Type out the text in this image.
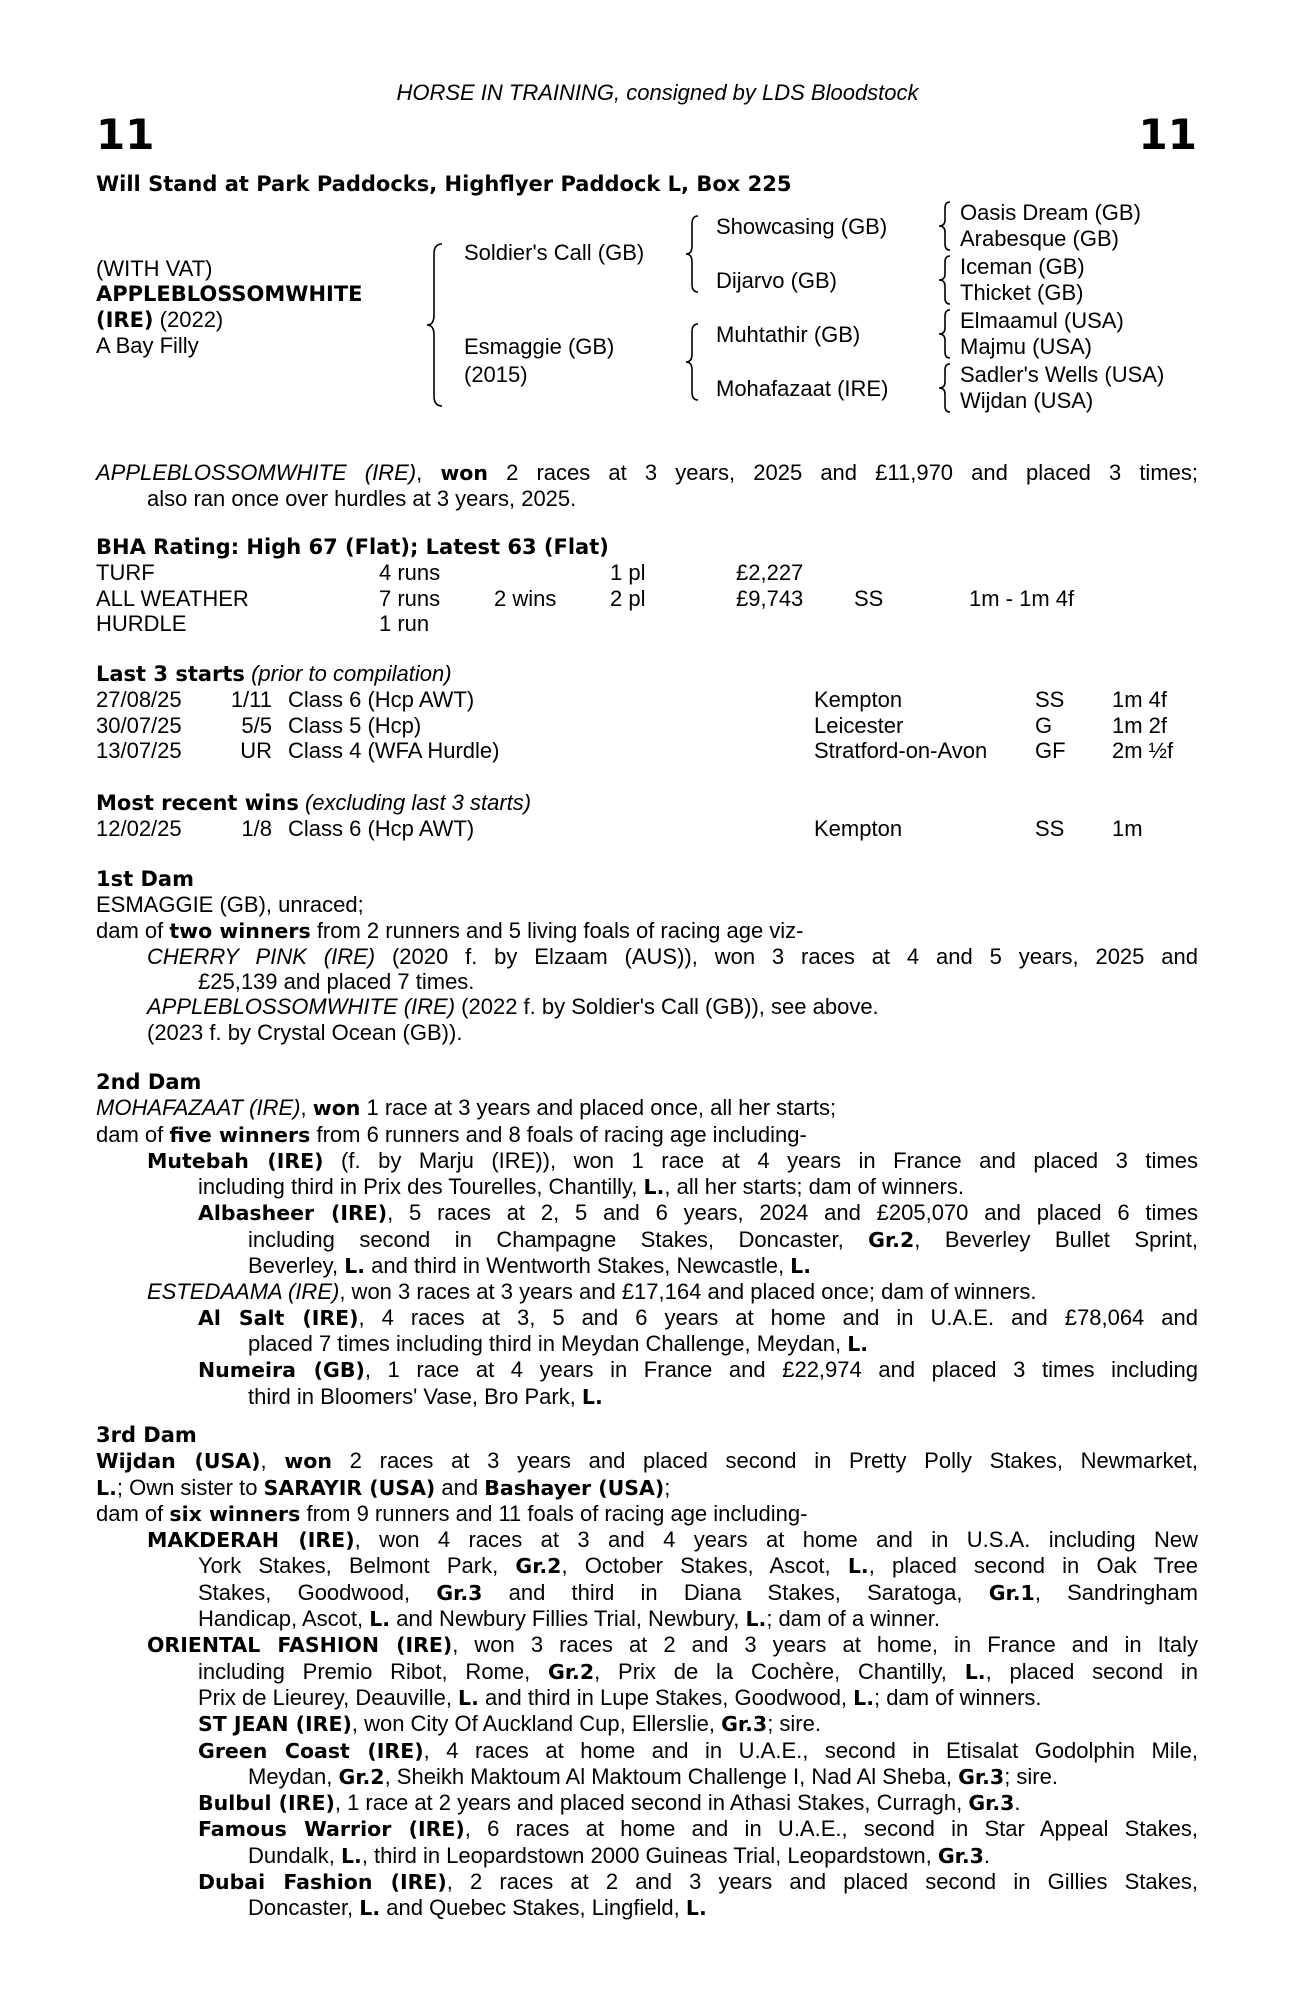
HORSE IN TRAINING, consigned by LDS Bloodstock
11	11
Will Stand at Park Paddocks, Highflyer Paddock L, Box 225
(WITH VAT)
APPLEBLOSSOMWHITE
(IRE) (2022)
A Bay Filly
Soldier's Call (GB)
Esmaggie (GB)
(2015)
Showcasing (GB)
Dijarvo (GB)
Muhtathir (GB)
Mohafazaat (IRE)
Oasis Dream (GB)
Arabesque (GB)
Iceman (GB)
Thicket (GB)
Elmaamul (USA)
Majmu (USA)
Sadler's Wells (USA)
Wijdan (USA)
APPLEBLOSSOMWHITE (IRE), won 2 races at 3 years, 2025 and £11,970 and placed 3 times;
also ran once over hurdles at 3 years, 2025.
BHA Rating: High 67 (Flat); Latest 63 (Flat)
TURF	4 runs	1 pl	£2,227
ALL WEATHER	7 runs 2 wins 2 pl	£9,743 SS	1m - 1m 4f
HURDLE	1 run
Last 3 starts (prior to compilation)
27/08/25 1/11 Class 6 (Hcp AWT)	Kempton	SS 1m 4f
30/07/25	5/5 Class 5 (Hcp)	Leicester	G	1m 2f
13/07/25	UR Class 4 (WFA Hurdle)	Stratford-on-Avon GF 2m ½f
Most recent wins (excluding last 3 starts)
12/02/25	1/8 Class 6 (Hcp AWT)	Kempton	SS 1m
1st Dam
ESMAGGIE (GB), unraced;
dam of two winners from 2 runners and 5 living foals of racing age viz-
CHERRY PINK (IRE) (2020 f. by Elzaam (AUS)), won 3 races at 4 and 5 years, 2025 and
£25,139 and placed 7 times.
APPLEBLOSSOMWHITE (IRE) (2022 f. by Soldier's Call (GB)), see above.
(2023 f. by Crystal Ocean (GB)).
2nd Dam
MOHAFAZAAT (IRE), won 1 race at 3 years and placed once, all her starts;
dam of five winners from 6 runners and 8 foals of racing age including-
Mutebah (IRE) (f. by Marju (IRE)), won 1 race at 4 years in France and placed 3 times
including third in Prix des Tourelles, Chantilly, L., all her starts; dam of winners.
Albasheer (IRE), 5 races at 2, 5 and 6 years, 2024 and £205,070 and placed 6 times
including second in Champagne Stakes, Doncaster, Gr.2, Beverley Bullet Sprint,
Beverley, L. and third in Wentworth Stakes, Newcastle, L.
ESTEDAAMA (IRE), won 3 races at 3 years and £17,164 and placed once; dam of winners.
Al Salt (IRE), 4 races at 3, 5 and 6 years at home and in U.A.E. and £78,064 and
placed 7 times including third in Meydan Challenge, Meydan, L.
Numeira (GB), 1 race at 4 years in France and £22,974 and placed 3 times including
third in Bloomers' Vase, Bro Park, L.
3rd Dam
Wijdan (USA), won 2 races at 3 years and placed second in Pretty Polly Stakes, Newmarket,
L.; Own sister to SARAYIR (USA) and Bashayer (USA);
dam of six winners from 9 runners and 11 foals of racing age including-
MAKDERAH (IRE), won 4 races at 3 and 4 years at home and in U.S.A. including New
York Stakes, Belmont Park, Gr.2, October Stakes, Ascot, L., placed second in Oak Tree
Stakes, Goodwood, Gr.3 and third in Diana Stakes, Saratoga, Gr.1, Sandringham
Handicap, Ascot, L. and Newbury Fillies Trial, Newbury, L.; dam of a winner.
ORIENTAL FASHION (IRE), won 3 races at 2 and 3 years at home, in France and in Italy
including Premio Ribot, Rome, Gr.2, Prix de la Cochère, Chantilly, L., placed second in
Prix de Lieurey, Deauville, L. and third in Lupe Stakes, Goodwood, L.; dam of winners.
ST JEAN (IRE), won City Of Auckland Cup, Ellerslie, Gr.3; sire.
Green Coast (IRE), 4 races at home and in U.A.E., second in Etisalat Godolphin Mile,
Meydan, Gr.2, Sheikh Maktoum Al Maktoum Challenge I, Nad Al Sheba, Gr.3; sire.
Bulbul (IRE), 1 race at 2 years and placed second in Athasi Stakes, Curragh, Gr.3.
Famous Warrior (IRE), 6 races at home and in U.A.E., second in Star Appeal Stakes,
Dundalk, L., third in Leopardstown 2000 Guineas Trial, Leopardstown, Gr.3.
Dubai Fashion (IRE), 2 races at 2 and 3 years and placed second in Gillies Stakes,
Doncaster, L. and Quebec Stakes, Lingfield, L.
